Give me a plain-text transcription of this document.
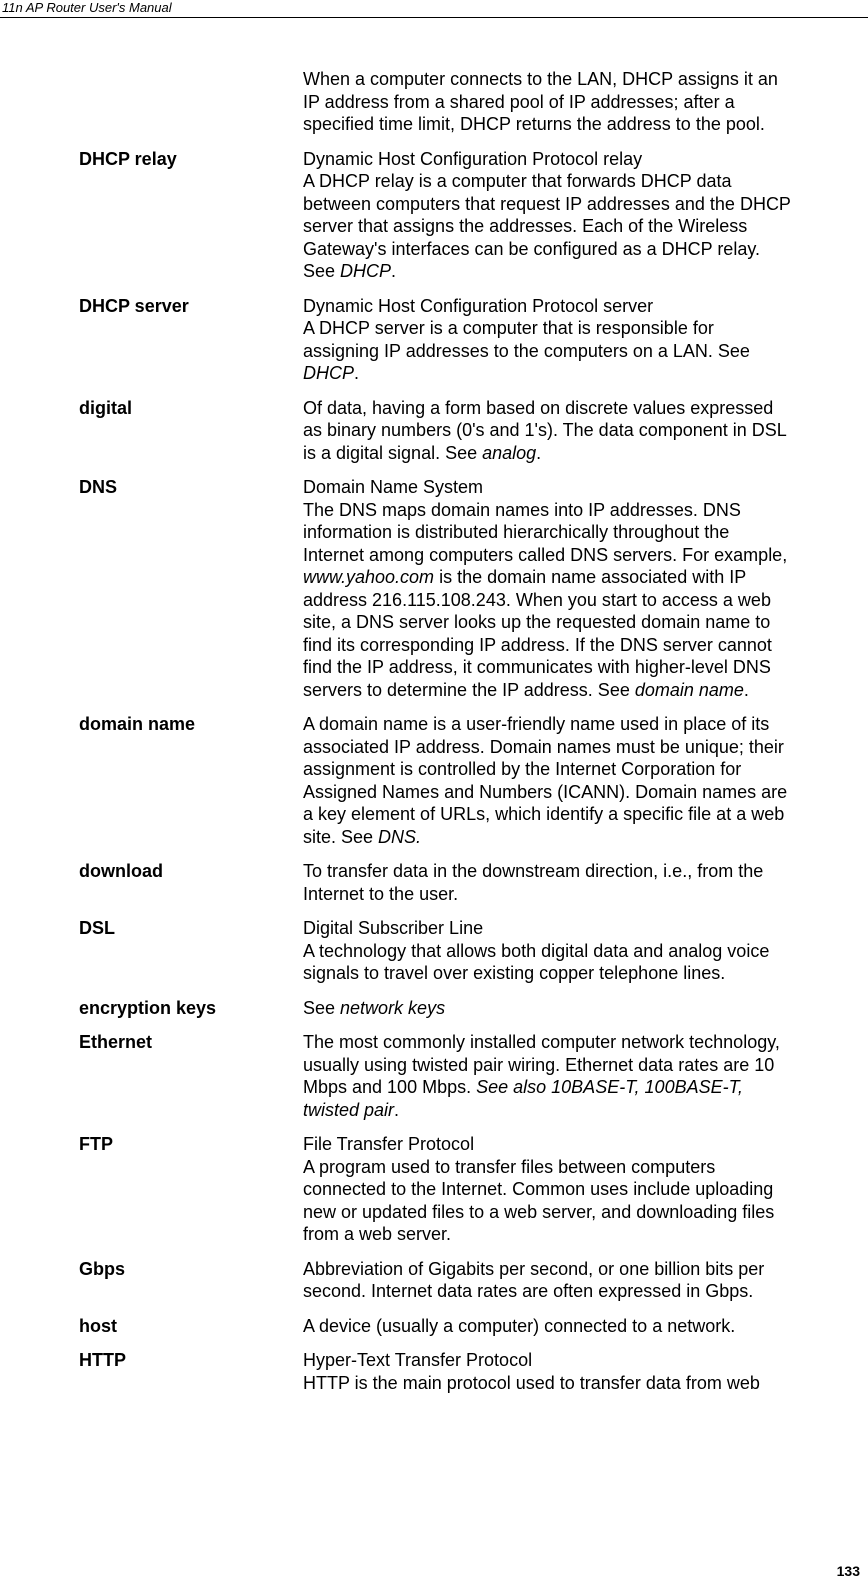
11n AP Router User's Manual
When a computer connects to the LAN, DHCP assigns it an
IP address from a shared pool of IP addresses; after a
specified time limit, DHCP returns the address to the pool.
DHCP relay	Dynamic Host Configuration Protocol relay
A DHCP relay is a computer that forwards DHCP data
between computers that request IP addresses and the DHCP
server that assigns the addresses. Each of the Wireless
Gateway's interfaces can be configured as a DHCP relay.
See DHCP.
DHCP server	Dynamic Host Configuration Protocol server
A DHCP server is a computer that is responsible for
assigning IP addresses to the computers on a LAN. See
DHCP.
digital	Of data, having a form based on discrete values expressed
as binary numbers (0's and 1's). The data component in DSL
is a digital signal. See analog.
DNS	Domain Name System
The DNS maps domain names into IP addresses. DNS
information is distributed hierarchically throughout the
Internet among computers called DNS servers. For example,
www.yahoo.com is the domain name associated with IP
address 216.115.108.243. When you start to access a web
site, a DNS server looks up the requested domain name to
find its corresponding IP address. If the DNS server cannot
find the IP address, it communicates with higher-level DNS
servers to determine the IP address. See domain name.
domain name	A domain name is a user-friendly name used in place of its
associated IP address. Domain names must be unique; their
assignment is controlled by the Internet Corporation for
Assigned Names and Numbers (ICANN). Domain names are
a key element of URLs, which identify a specific file at a web
site. See DNS.
download	To transfer data in the downstream direction, i.e., from the
Internet to the user.
DSL	Digital Subscriber Line
A technology that allows both digital data and analog voice
signals to travel over existing copper telephone lines.
encryption keys	See network keys
Ethernet	The most commonly installed computer network technology,
usually using twisted pair wiring. Ethernet data rates are 10
Mbps and 100 Mbps. See also 10BASE-T, 100BASE-T,
twisted pair.
FTP	File Transfer Protocol
A program used to transfer files between computers
connected to the Internet. Common uses include uploading
new or updated files to a web server, and downloading files
from a web server.
Gbps	Abbreviation of Gigabits per second, or one billion bits per
second. Internet data rates are often expressed in Gbps.
host	A device (usually a computer) connected to a network.
HTTP	Hyper-Text Transfer Protocol
HTTP is the main protocol used to transfer data from web
133
